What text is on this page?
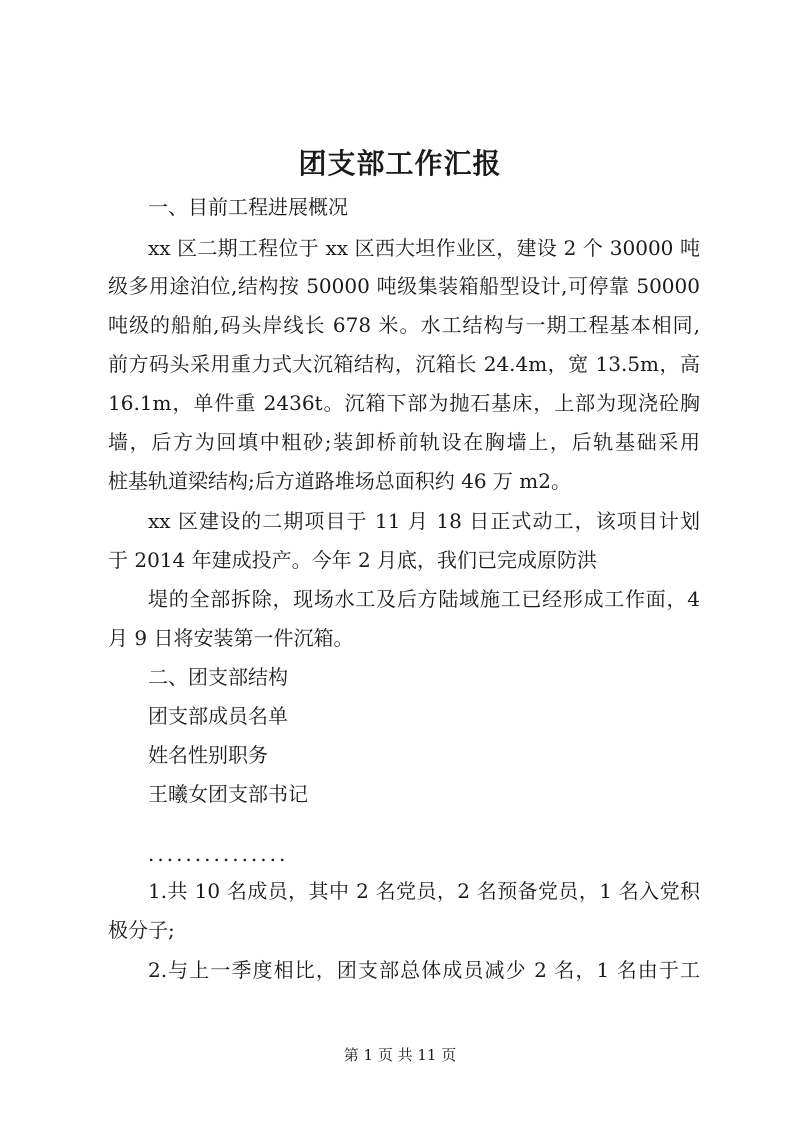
团支部工作汇报
一、目前工程进展概况
xx 区二期工程位于 xx 区西大坦作业区，建设 2 个 30000 吨
级多用途泊位,结构按 50000 吨级集装箱船型设计,可停靠 50000
吨级的船舶,码头岸线长 678 米。水工结构与一期工程基本相同,
前方码头采用重力式大沉箱结构，沉箱长 24.4m，宽 13.5m，高
16.1m，单件重 2436t。沉箱下部为抛石基床，上部为现浇砼胸
墙，后方为回填中粗砂;装卸桥前轨设在胸墙上，后轨基础采用
桩基轨道梁结构;后方道路堆场总面积约 46 万 m2。
xx 区建设的二期项目于 11 月 18 日正式动工，该项目计划
于 2014 年建成投产。今年 2 月底，我们已完成原防洪
堤的全部拆除，现场水工及后方陆域施工已经形成工作面，4
月 9 日将安装第一件沉箱。
二、团支部结构
团支部成员名单
姓名性别职务
王曦女团支部书记
...............
1.共 10 名成员，其中 2 名党员，2 名预备党员，1 名入党积
极分子;
2.与上一季度相比，团支部总体成员减少 2 名，1 名由于工
第 1 页 共 11 页
